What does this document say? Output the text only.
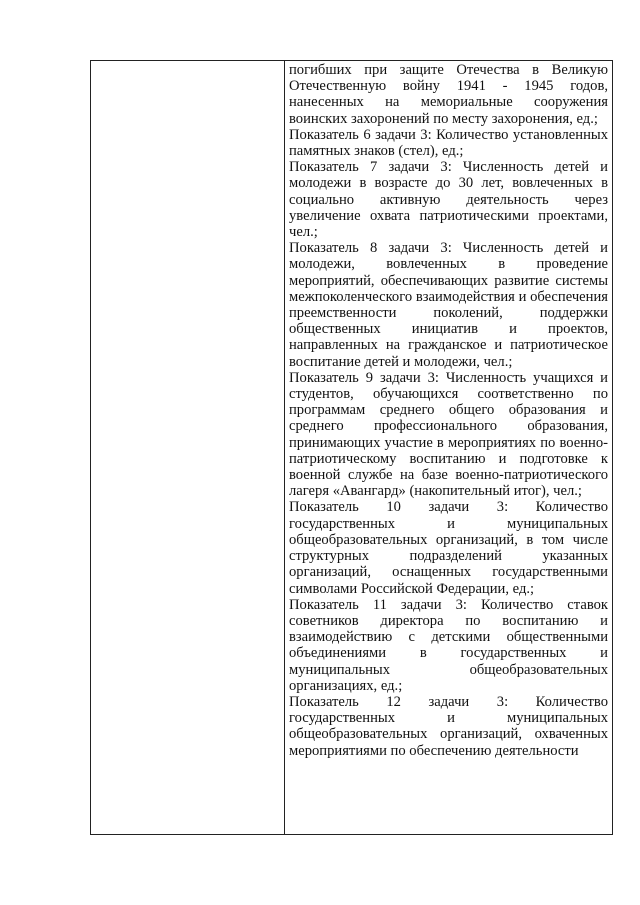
погибших при защите Отечества в Великую Отечественную войну 1941 - 1945 годов, нанесенных на мемориальные сооружения воинских захоронений по месту захоронения, ед.;

Показатель 6 задачи 3: Количество установленных памятных знаков (стел), ед.;

Показатель 7 задачи 3: Численность детей и молодежи в возрасте до 30 лет, вовлеченных в социально активную деятельность через увеличение охвата патриотическими проектами, чел.;

Показатель 8 задачи 3: Численность детей и молодежи, вовлеченных в проведение мероприятий, обеспечивающих развитие системы межпоколенческого взаимодействия и обеспечения преемственности поколений, поддержки общественных инициатив и проектов, направленных на гражданское и патриотическое воспитание детей и молодежи, чел.;

Показатель 9 задачи 3: Численность учащихся и студентов, обучающихся соответственно по программам среднего общего образования и среднего профессионального образования, принимающих участие в мероприятиях по военно-патриотическому воспитанию и подготовке к военной службе на базе военно-патриотического лагеря «Авангард» (накопительный итог), чел.;

Показатель 10 задачи 3: Количество государственных и муниципальных общеобразовательных организаций, в том числе структурных подразделений указанных организаций, оснащенных государственными символами Российской Федерации, ед.;

Показатель 11 задачи 3: Количество ставок советников директора по воспитанию и взаимодействию с детскими общественными объединениями в государственных и муниципальных общеобразовательных организациях, ед.;

Показатель 12 задачи 3: Количество государственных и муниципальных общеобразовательных организаций, охваченных мероприятиями по обеспечению деятельности
